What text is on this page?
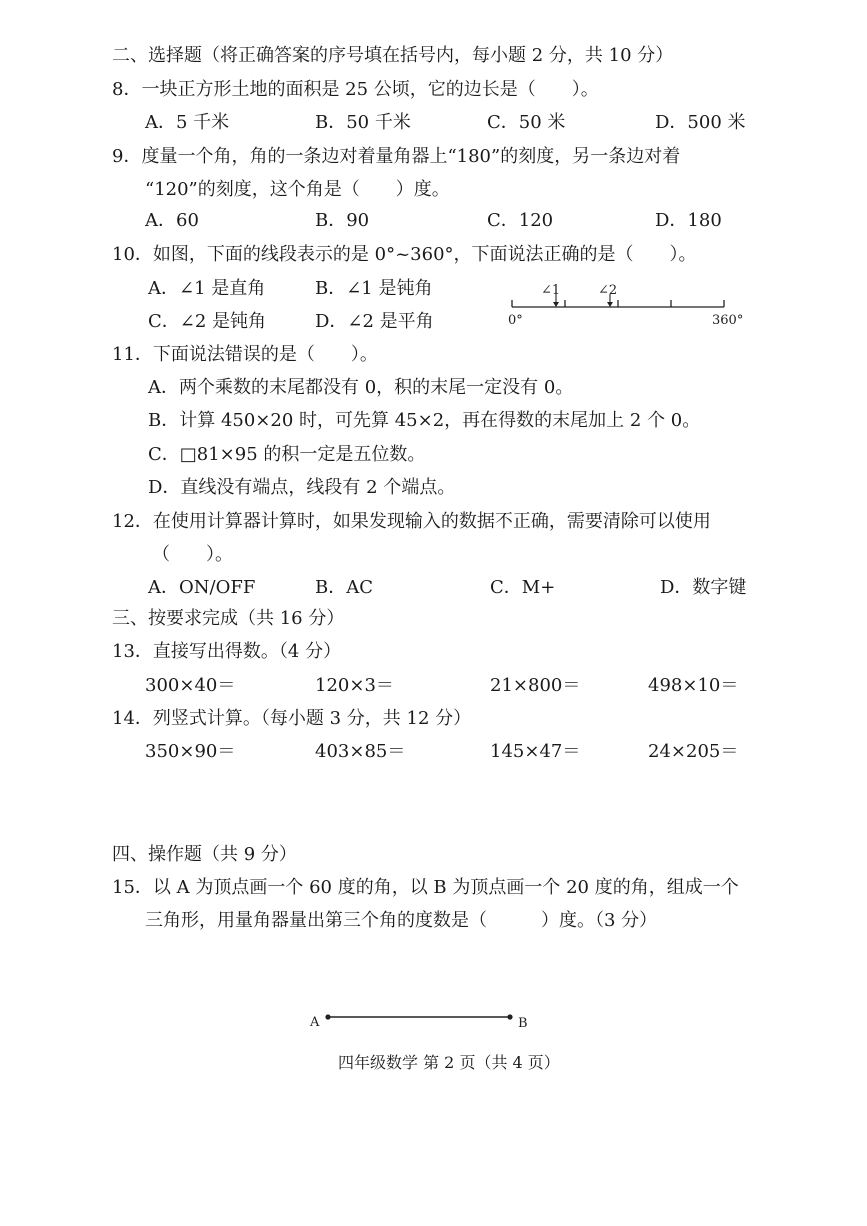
二、选择题（将正确答案的序号填在括号内，每小题 2 分，共 10 分）
8．一块正方形土地的面积是 25 公顷，它的边长是（　　）。
A．5 千米	B．50 千米	C．50 米	D．500 米
9．度量一个角，角的一条边对着量角器上“180”的刻度，另一条边对着
“120”的刻度，这个角是（　　）度。
A．60	B．90	C．120	D．180
10．如图，下面的线段表示的是 0°~360°，下面说法正确的是（　　）。
A．∠1 是直角	B．∠1 是钝角
C．∠2 是钝角	D．∠2 是平角
∠1	∠2
0°	360°
11．下面说法错误的是（　　）。
A．两个乘数的末尾都没有 0，积的末尾一定没有 0。
B．计算 450×20 时，可先算 45×2，再在得数的末尾加上 2 个 0。
C．□81×95 的积一定是五位数。
D．直线没有端点，线段有 2 个端点。
12．在使用计算器计算时，如果发现输入的数据不正确，需要清除可以使用
（　　）。
A．ON/OFF	B．AC	C．M+	D．数字键
三、按要求完成（共 16 分）
13．直接写出得数。（4 分）
300×40＝	120×3＝	21×800＝	498×10＝
14．列竖式计算。（每小题 3 分，共 12 分）
350×90＝	403×85＝	145×47＝	24×205＝
四、操作题（共 9 分）
15．以 A 为顶点画一个 60 度的角，以 B 为顶点画一个 20 度的角，组成一个
三角形，用量角器量出第三个角的度数是（　　　）度。（3 分）
A	B
四年级数学 第 2 页（共 4 页）
